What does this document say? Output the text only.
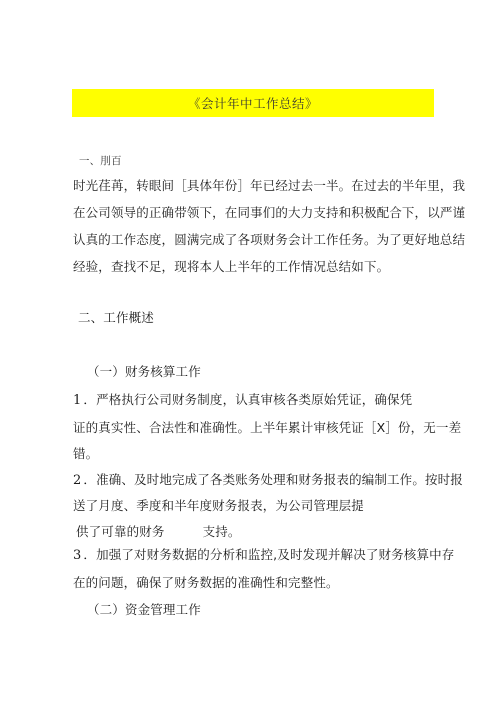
《会计年中工作总结》
一、刖百
时光荏苒，转眼间［具体年份］年已经过去一半。在过去的半年里，我
在公司领导的正确带领下，在同事们的大力支持和积极配合下，以严谨
认真的工作态度，圆满完成了各项财务会计工作任务。为了更好地总结
经验，查找不足，现将本人上半年的工作情况总结如下。
二、工作概述
（一）财务核算工作
1 ．严格执行公司财务制度，认真审核各类原始凭证，确保凭
证的真实性、合法性和准确性。上半年累计审核凭证［X］份，无一差
错。
2 ．准确、及时地完成了各类账务处理和财务报表的编制工作。按时报
送了月度、季度和半年度财务报表，为公司管理层提
供了可靠的财务	支持。
3 ．加强了对财务数据的分析和监控,及时发现并解决了财务核算中存
在的问题，确保了财务数据的准确性和完整性。
（二）资金管理工作
